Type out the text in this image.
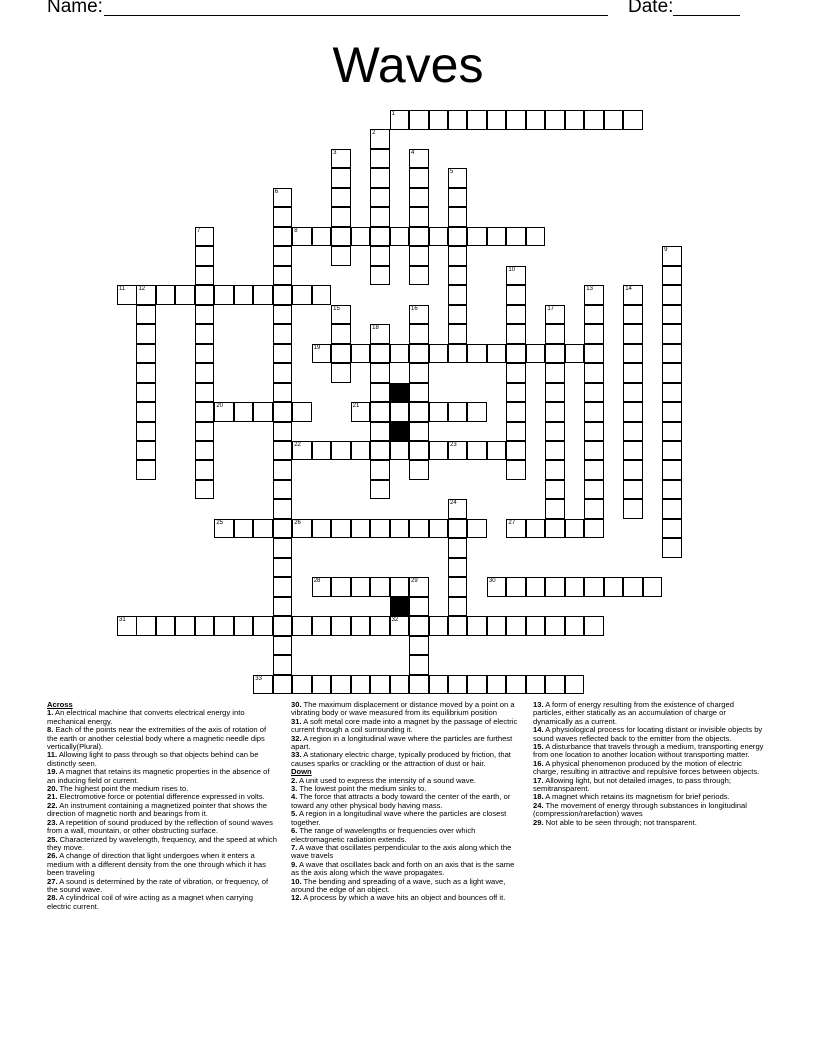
Name:	Date:
Waves
1
2
3	4
5
6
7	8
9
10
11 12	13	14
15	16	17
18
19
20	21
22	23
24
25	26	27
28	29	30
31	32
33

Across

1. An electrical machine that converts electrical energy into mechanical energy.

8. Each of the points near the extremities of the axis of rotation of the earth or another celestial body where a magnetic needle dips vertically(Plural).

11. Allowing light to pass through so that objects behind can be distinctly seen.

19. A magnet that retains its magnetic properties in the absence of an inducing field or current.

20. The highest point the medium rises to.

21. Electromotive force or potential difference expressed in volts.

22. An instrument containing a magnetized pointer that shows the direction of magnetic north and bearings from it.

23. A repetition of sound produced by the reflection of sound waves from a wall, mountain, or other obstructing surface.

25. Characterized by wavelength, frequency, and the speed at which they move.

26. A change of direction that light undergoes when it enters a medium with a different density from the one through which it has been traveling

27. A sound is determined by the rate of vibration, or frequency, of the sound wave.

28. A cylindrical coil of wire acting as a magnet when carrying electric current.

30. The maximum displacement or distance moved by a point on a vibrating body or wave measured from its equilibrium position

31. A soft metal core made into a magnet by the passage of electric current through a coil surrounding it.

32. A region in a longitudinal wave where the particles are furthest apart.

33. A stationary electric charge, typically produced by friction, that causes sparks or crackling or the attraction of dust or hair.

Down

2. A unit used to express the intensity of a sound wave.

3. The lowest point the medium sinks to.

4. The force that attracts a body toward the center of the earth, or toward any other physical body having mass.

5. A region in a longitudinal wave where the particles are closest together.

6. The range of wavelengths or frequencies over which electromagnetic radiation extends.

7. A wave that oscillates perpendicular to the axis along which the wave travels

9. A wave that oscillates back and forth on an axis that is the same as the axis along which the wave propagates.

10. The bending and spreading of a wave, such as a light wave, around the edge of an object.

12. A process by which a wave hits an object and bounces off it.

13. A form of energy resulting from the existence of charged particles, either statically as an accumulation of charge or dynamically as a current.

14. A physiological process for locating distant or invisible objects by sound waves reflected back to the emitter from the objects.

15. A disturbance that travels through a medium, transporting energy from one location to another location without transporting matter.

16. A physical phenomenon produced by the motion of electric charge, resulting in attractive and repulsive forces between objects.

17. Allowing light, but not detailed images, to pass through; semitransparent.

18. A magnet which retains its magnetism for brief periods.

24. The movement of energy through substances in longitudinal (compression/rarefaction) waves

29. Not able to be seen through; not transparent.
